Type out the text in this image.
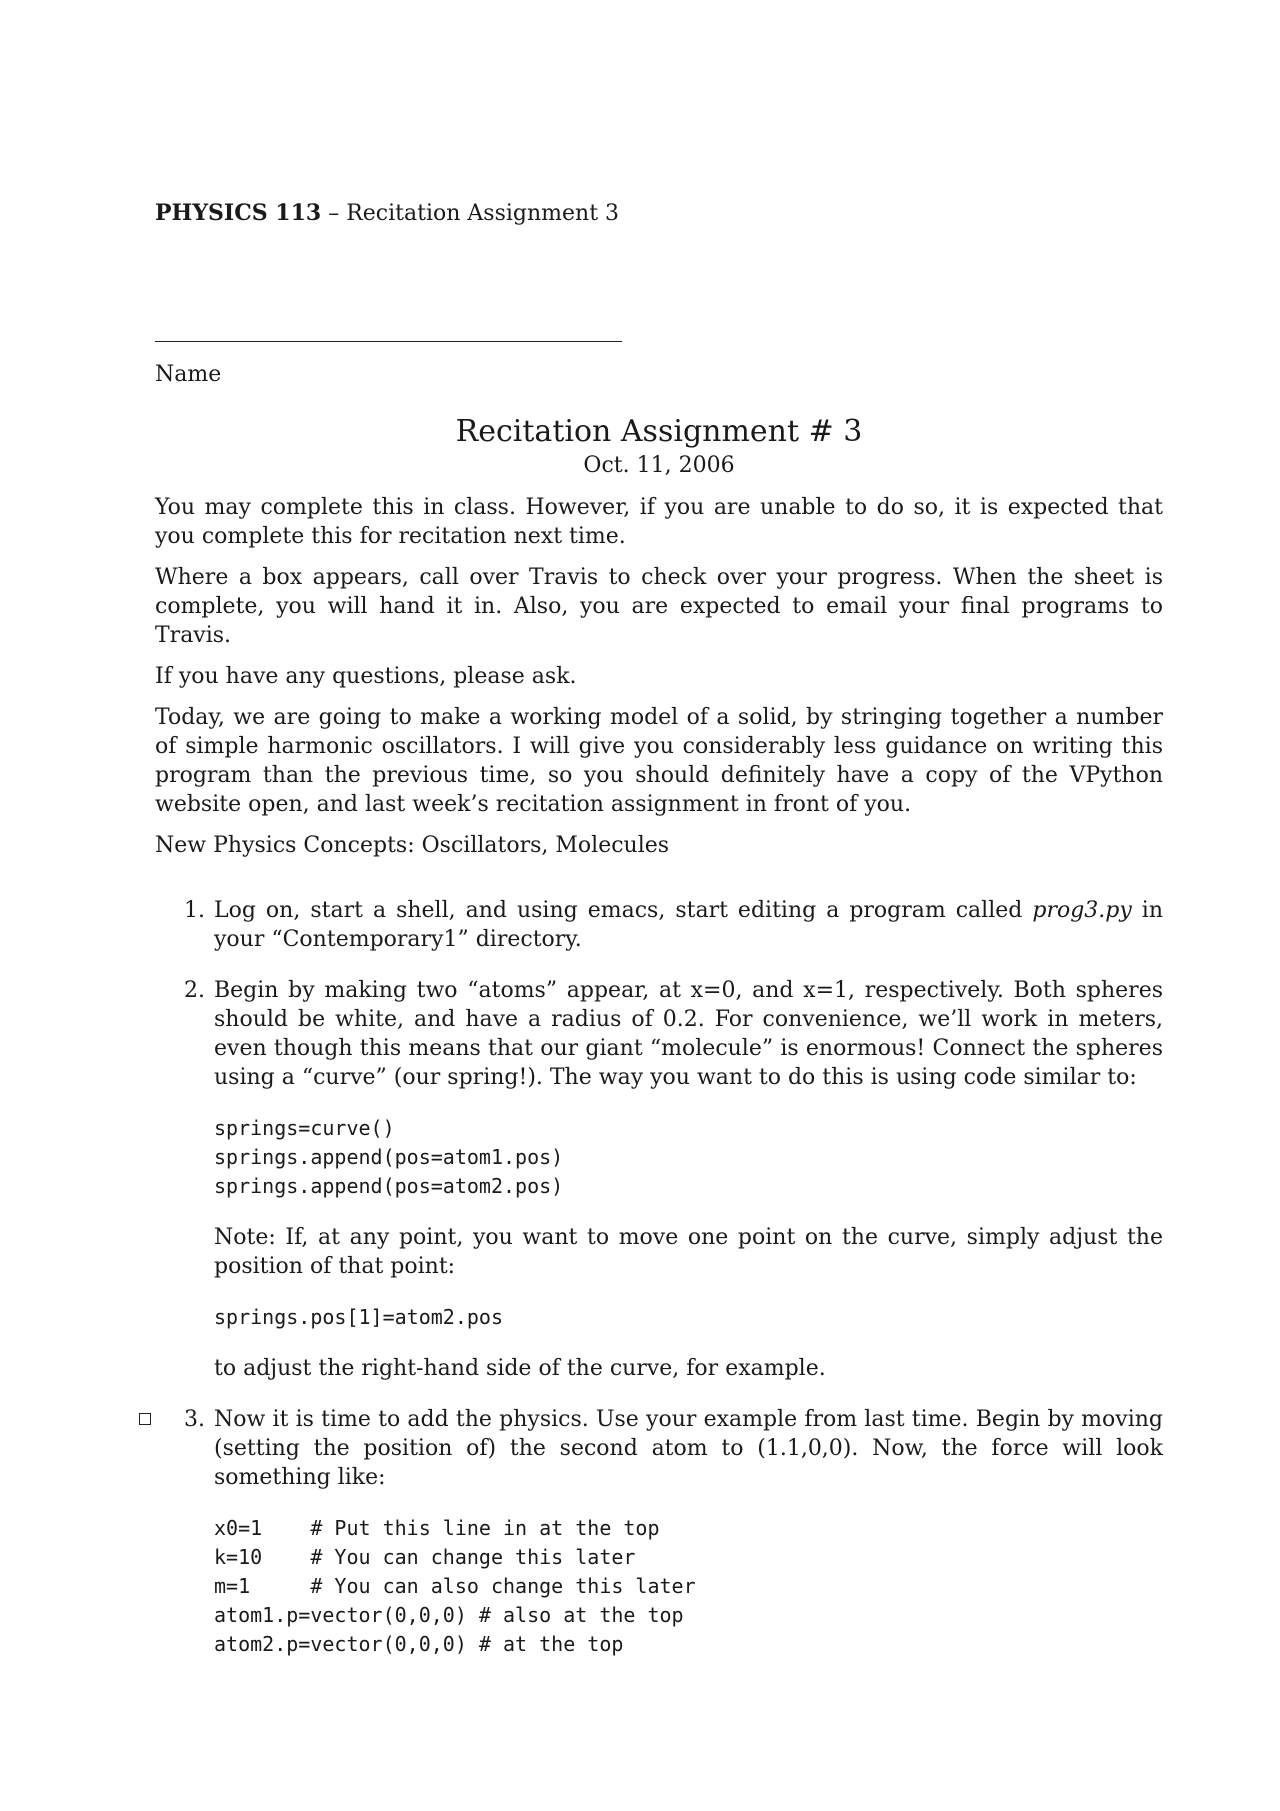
PHYSICS 113 – Recitation Assignment 3
Name
Recitation Assignment # 3
Oct. 11, 2006

You may complete this in class. However, if you are unable to do so, it is expected that you complete this for recitation next time.

Where a box appears, call over Travis to check over your progress. When the sheet is complete, you will hand it in. Also, you are expected to email your final programs to Travis.

If you have any questions, please ask.

Today, we are going to make a working model of a solid, by stringing together a number of simple harmonic oscillators. I will give you considerably less guidance on writing this program than the previous time, so you should definitely have a copy of the VPython website open, and last week’s recitation assignment in front of you.

New Physics Concepts: Oscillators, Molecules

1. Log on, start a shell, and using emacs, start editing a program called prog3.py in your “Contemporary1” directory.
2. Begin by making two “atoms” appear, at x=0, and x=1, respectively. Both spheres should be white, and have a radius of 0.2. For convenience, we’ll work in meters, even though this means that our giant “molecule” is enormous! Connect the spheres using a “curve” (our spring!). The way you want to do this is using code similar to:

springs=curve()
springs.append(pos=atom1.pos)
springs.append(pos=atom2.pos)

Note: If, at any point, you want to move one point on the curve, simply adjust the position of that point:

springs.pos[1]=atom2.pos

to adjust the right-hand side of the curve, for example.

3. Now it is time to add the physics. Use your example from last time. Begin by moving (setting the position of) the second atom to (1.1,0,0). Now, the force will look something like:

x0=1    # Put this line in at the top
k=10    # You can change this later
m=1     # You can also change this later
atom1.p=vector(0,0,0) # also at the top
atom2.p=vector(0,0,0) # at the top
